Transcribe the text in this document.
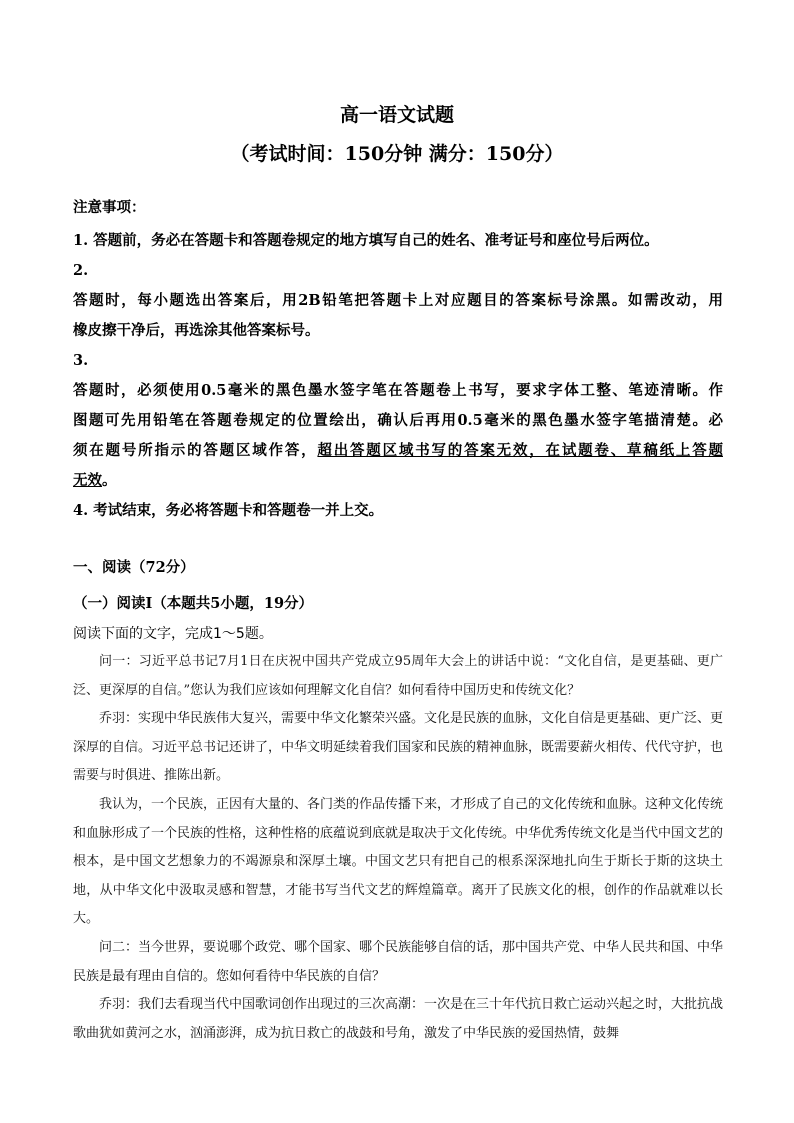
高一语文试题
（考试时间：150分钟 满分：150分）
注意事项：
1. 答题前，务必在答题卡和答题卷规定的地方填写自己的姓名、准考证号和座位号后两位。
2.
答题时，每小题选出答案后，用2B铅笔把答题卡上对应题目的答案标号涂黑。如需改动，用
橡皮擦干净后，再选涂其他答案标号。
3.
答题时，必须使用0.5毫米的黑色墨水签字笔在答题卷上书写，要求字体工整、笔迹清晰。作
图题可先用铅笔在答题卷规定的位置绘出，确认后再用0.5毫米的黑色墨水签字笔描清楚。必
须在题号所指示的答题区域作答，超出答题区域书写的答案无效，在试题卷、草稿纸上答题
无效。
4. 考试结束，务必将答题卡和答题卷一并上交。
一、阅读（72分）
（一）阅读Ⅰ（本题共5小题，19分）
阅读下面的文字，完成1～5题。

问一：习近平总书记7月1日在庆祝中国共产党成立95周年大会上的讲话中说：“文化自信，是更基础、更广泛、更深厚的自信。”您认为我们应该如何理解文化自信？如何看待中国历史和传统文化？

乔羽：实现中华民族伟大复兴，需要中华文化繁荣兴盛。文化是民族的血脉，文化自信是更基础、更广泛、更深厚的自信。习近平总书记还讲了，中华文明延续着我们国家和民族的精神血脉，既需要薪火相传、代代守护，也需要与时俱进、推陈出新。

我认为，一个民族，正因有大量的、各门类的作品传播下来，才形成了自己的文化传统和血脉。这种文化传统和血脉形成了一个民族的性格，这种性格的底蕴说到底就是取决于文化传统。中华优秀传统文化是当代中国文艺的根本，是中国文艺想象力的不竭源泉和深厚土壤。中国文艺只有把自己的根系深深地扎向生于斯长于斯的这块土地，从中华文化中汲取灵感和智慧，才能书写当代文艺的辉煌篇章。离开了民族文化的根，创作的作品就难以长大。

问二：当今世界，要说哪个政党、哪个国家、哪个民族能够自信的话，那中国共产党、中华人民共和国、中华民族是最有理由自信的。您如何看待中华民族的自信？

乔羽：我们去看现当代中国歌词创作出现过的三次高潮：一次是在三十年代抗日救亡运动兴起之时，大批抗战歌曲犹如黄河之水，汹涌澎湃，成为抗日救亡的战鼓和号角，激发了中华民族的爱国热情，鼓舞
